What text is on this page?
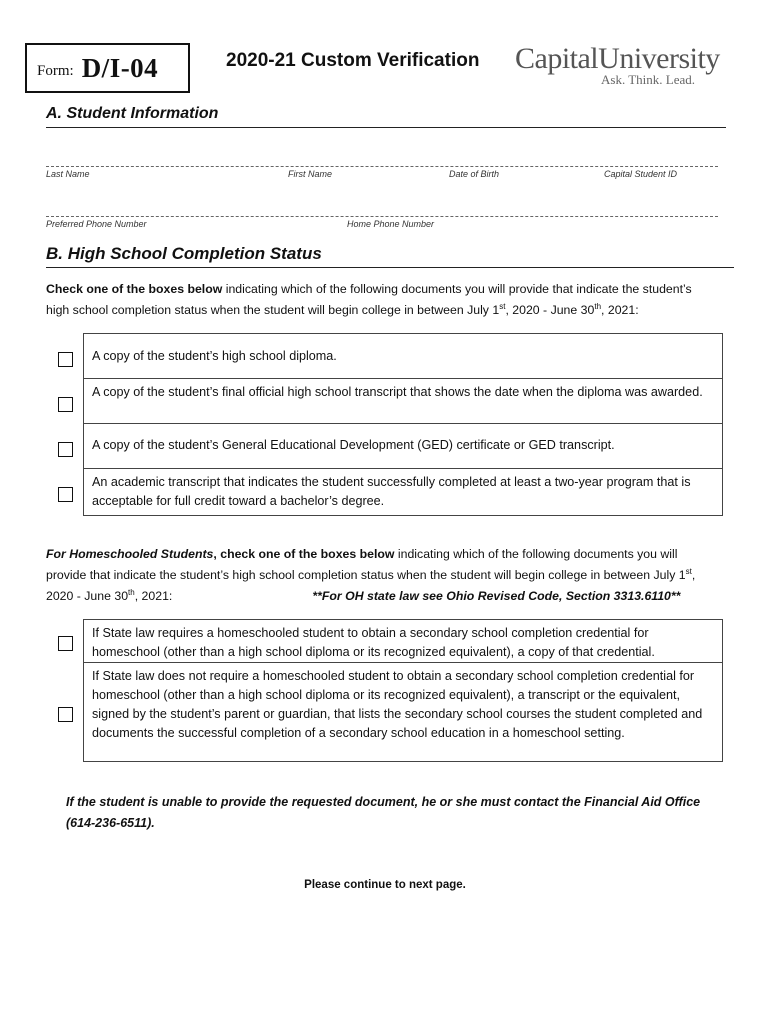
Form: D/I-04	2020-21 Custom Verification CapitalUniversity
Ask. Think. Lead.
A. Student Information
Last Name	First Name	Date of Birth	Capital Student ID
Preferred Phone Number	Home Phone Number
B. High School Completion Status
Check one of the boxes below indicating which of the following documents you will provide that indicate the student’s
high school completion status when the student will begin college in between July 1st, 2020 - June 30th, 2021:
A copy of the student’s high school diploma.
A copy of the student’s final official high school transcript that shows the date when the diploma was awarded.
A copy of the student’s General Educational Development (GED) certificate or GED transcript.
An academic transcript that indicates the student successfully completed at least a two-year program that is acceptable for full credit toward a bachelor’s degree.
For Homeschooled Students, check one of the boxes below indicating which of the following documents you will
provide that indicate the student’s high school completion status when the student will begin college in between July 1st,
2020 - June 30th, 2021:	**For OH state law see Ohio Revised Code, Section 3313.6110**
If State law requires a homeschooled student to obtain a secondary school completion credential for homeschool (other than a high school diploma or its recognized equivalent), a copy of that credential.
If State law does not require a homeschooled student to obtain a secondary school completion credential for homeschool (other than a high school diploma or its recognized equivalent), a transcript or the equivalent, signed by the student’s parent or guardian, that lists the secondary school courses the student completed and documents the successful completion of a secondary school education in a homeschool setting.
If the student is unable to provide the requested document, he or she must contact the Financial Aid Office (614-236-6511).
Please continue to next page.
